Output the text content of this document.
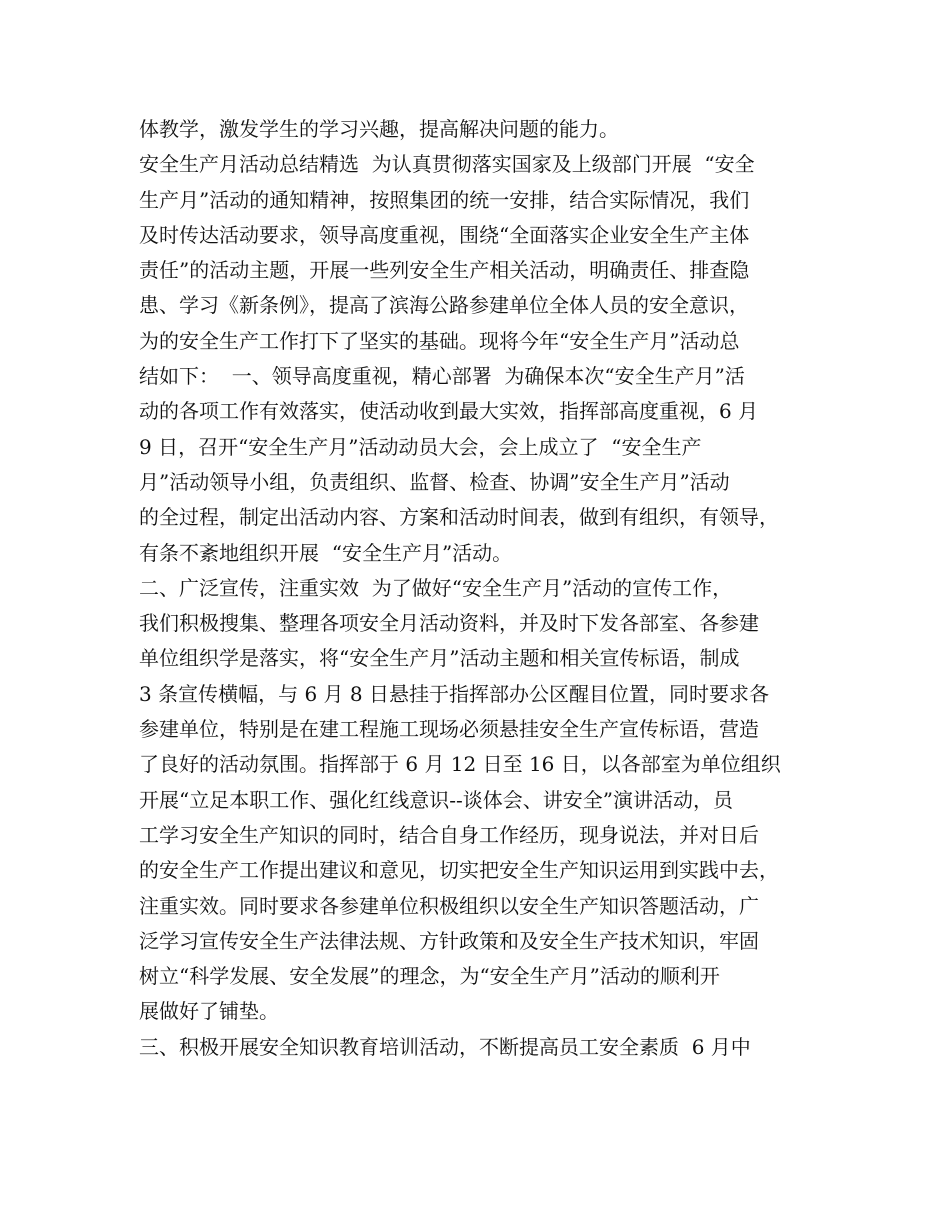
体教学，激发学生的学习兴趣，提高解决问题的能力。
安全生产月活动总结精选  为认真贯彻落实国家及上级部门开展  “安全
生产月”活动的通知精神，按照集团的统一安排，结合实际情况，我们
及时传达活动要求，领导高度重视，围绕“全面落实企业安全生产主体
责任”的活动主题，开展一些列安全生产相关活动，明确责任、排查隐
患、学习《新条例》，提高了滨海公路参建单位全体人员的安全意识，
为的安全生产工作打下了坚实的基础。现将今年“安全生产月”活动总
结如下：  一、领导高度重视，精心部署  为确保本次“安全生产月”活
动的各项工作有效落实，使活动收到最大实效，指挥部高度重视，6 月
9 日，召开“安全生产月”活动动员大会，会上成立了  “安全生产
月”活动领导小组，负责组织、监督、检查、协调”安全生产月”活动
的全过程，制定出活动内容、方案和活动时间表，做到有组织，有领导，
有条不紊地组织开展  “安全生产月”活动。
二、广泛宣传，注重实效  为了做好“安全生产月”活动的宣传工作，
我们积极搜集、整理各项安全月活动资料，并及时下发各部室、各参建
单位组织学是落实，将“安全生产月”活动主题和相关宣传标语，制成
3 条宣传横幅，与 6 月 8 日悬挂于指挥部办公区醒目位置，同时要求各
参建单位，特别是在建工程施工现场必须悬挂安全生产宣传标语，营造
了良好的活动氛围。指挥部于 6 月 12 日至 16 日，以各部室为单位组织
开展“立足本职工作、强化红线意识--谈体会、讲安全”演讲活动，员
工学习安全生产知识的同时，结合自身工作经历，现身说法，并对日后
的安全生产工作提出建议和意见，切实把安全生产知识运用到实践中去，
注重实效。同时要求各参建单位积极组织以安全生产知识答题活动，广
泛学习宣传安全生产法律法规、方针政策和及安全生产技术知识，牢固
树立“科学发展、安全发展”的理念，为“安全生产月”活动的顺利开
展做好了铺垫。
三、积极开展安全知识教育培训活动，不断提高员工安全素质  6 月中
